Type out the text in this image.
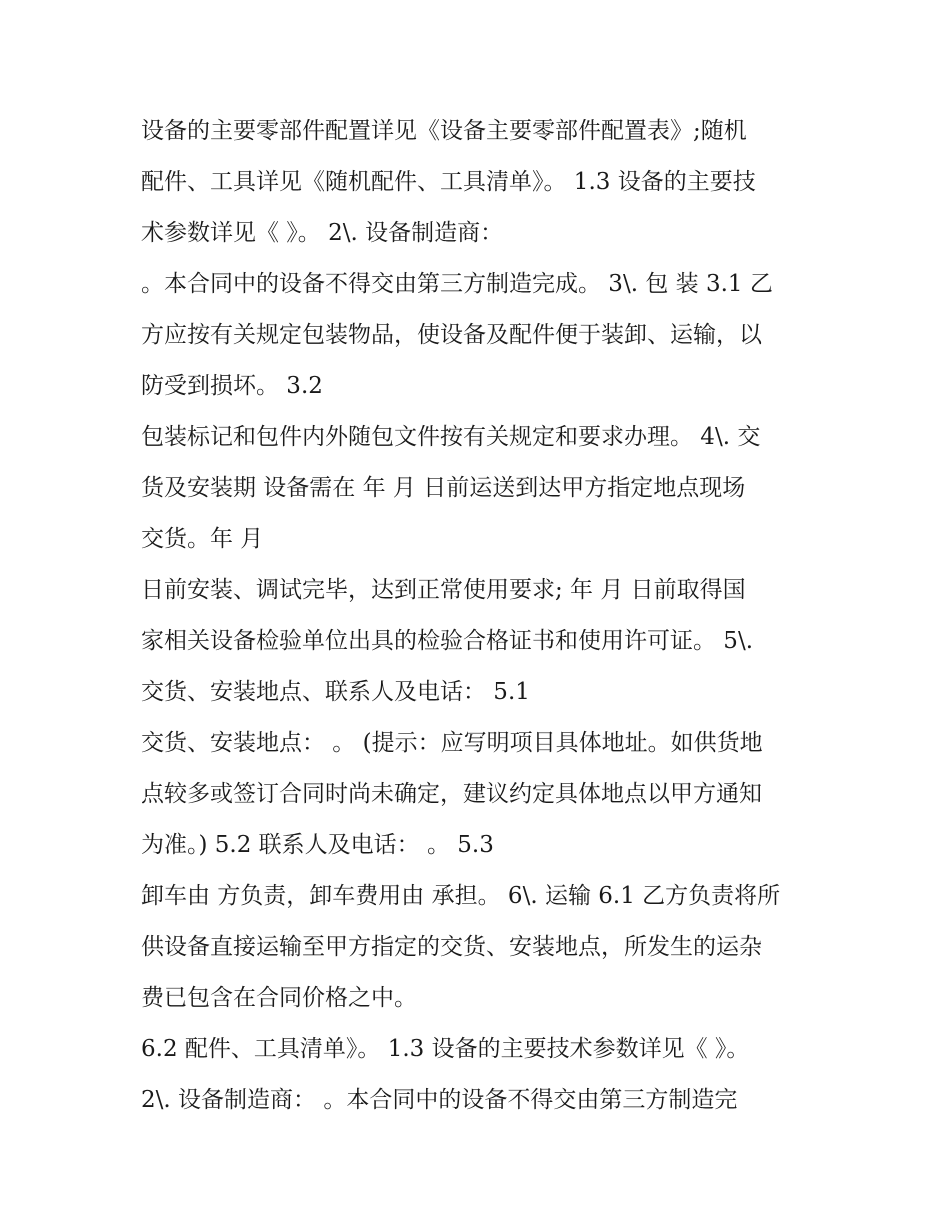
设备的主要零部件配置详见《设备主要零部件配置表》;随机
配件、工具详见《随机配件、工具清单》。 1.3 设备的主要技
术参数详见《 》。 2\. 设备制造商：
。本合同中的设备不得交由第三方制造完成。 3\. 包 装 3.1 乙
方应按有关规定包装物品，使设备及配件便于装卸、运输，以
防受到损坏。 3.2
包装标记和包件内外随包文件按有关规定和要求办理。 4\. 交
货及安装期 设备需在 年 月 日前运送到达甲方指定地点现场
交货。年 月
日前安装、调试完毕，达到正常使用要求; 年 月 日前取得国
家相关设备检验单位出具的检验合格证书和使用许可证。 5\.
交货、安装地点、联系人及电话： 5.1
交货、安装地点： 。 (提示：应写明项目具体地址。如供货地
点较多或签订合同时尚未确定，建议约定具体地点以甲方通知
为准。) 5.2 联系人及电话： 。 5.3
卸车由 方负责，卸车费用由 承担。 6\. 运输 6.1 乙方负责将所
供设备直接运输至甲方指定的交货、安装地点，所发生的运杂
费已包含在合同价格之中。
6.2 配件、工具清单》。 1.3 设备的主要技术参数详见《 》。
2\. 设备制造商： 。本合同中的设备不得交由第三方制造完
